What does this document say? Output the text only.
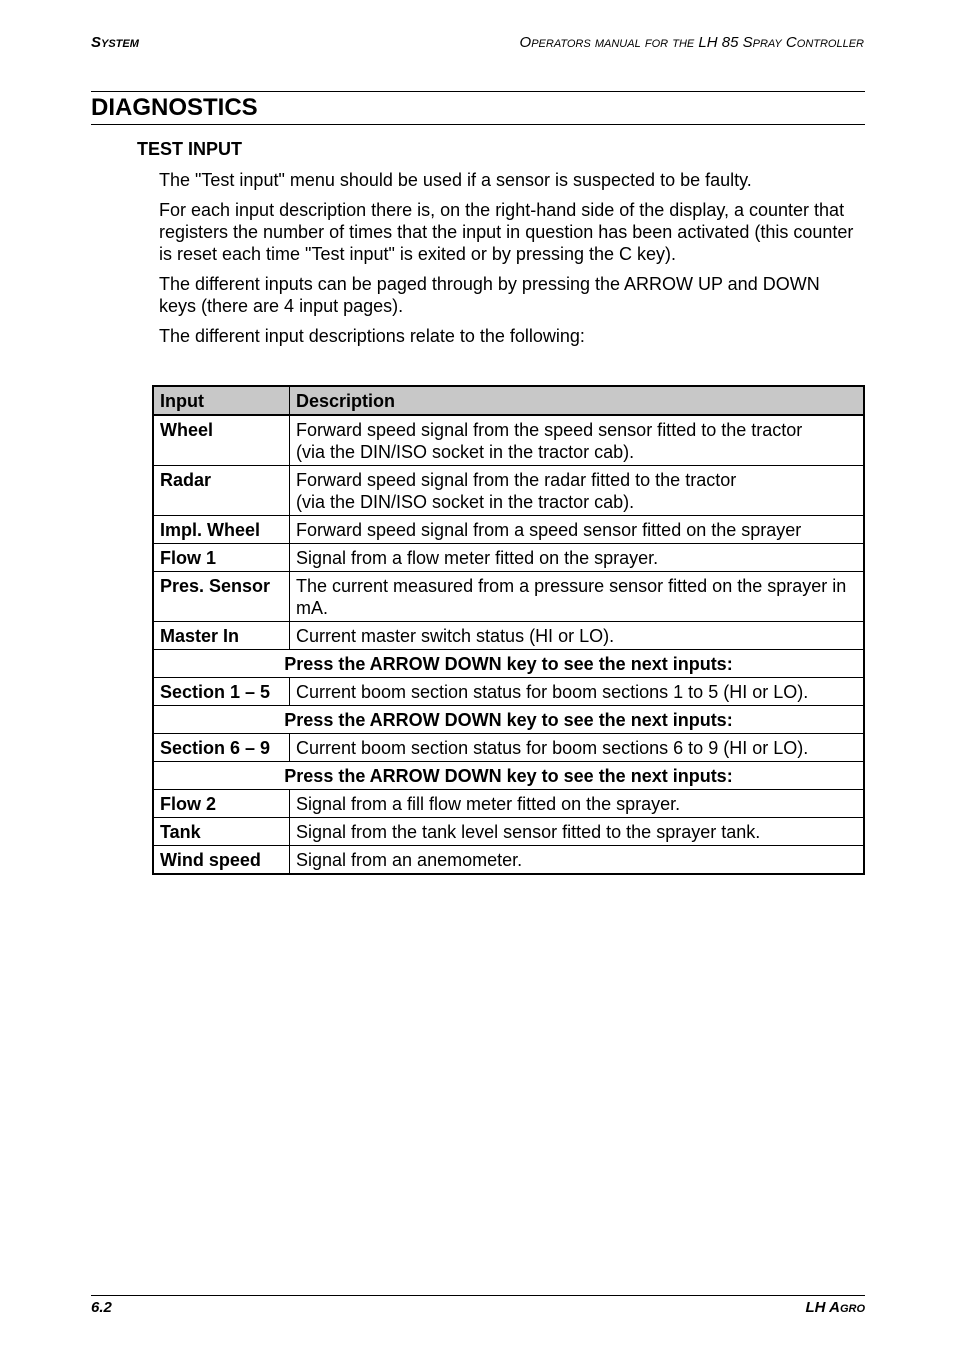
System	Operators manual for the LH 85 Spray Controller
DIAGNOSTICS
TEST INPUT

The "Test input" menu should be used if a sensor is suspected to be faulty.

For each input description there is, on the right-hand side of the display, a counter that registers the number of times that the input in question has been activated (this counter is reset each time "Test input" is exited or by pressing the C key).

The different inputs can be paged through by pressing the ARROW UP and DOWN keys (there are 4 input pages).

The different input descriptions relate to the following:

Input	Description
Wheel	Forward speed signal from the speed sensor fitted to the tractor
(via the DIN/ISO socket in the tractor cab).
Radar	Forward speed signal from the radar fitted to the tractor
(via the DIN/ISO socket in the tractor cab).
Impl. Wheel	Forward speed signal from a speed sensor fitted on the sprayer
Flow 1	Signal from a flow meter fitted on the sprayer.
Pres. Sensor	The current measured from a pressure sensor fitted on the sprayer in mA.
Master In	Current master switch status (HI or LO).
Press the ARROW DOWN key to see the next inputs:	
Section 1 – 5	Current boom section status for boom sections 1 to 5 (HI or LO).
Press the ARROW DOWN key to see the next inputs:	
Section 6 – 9	Current boom section status for boom sections 6 to 9 (HI or LO).
Press the ARROW DOWN key to see the next inputs:	
Flow 2	Signal from a fill flow meter fitted on the sprayer.
Tank	Signal from the tank level sensor fitted to the sprayer tank.
Wind speed	Signal from an anemometer.
6.2	LH Agro
